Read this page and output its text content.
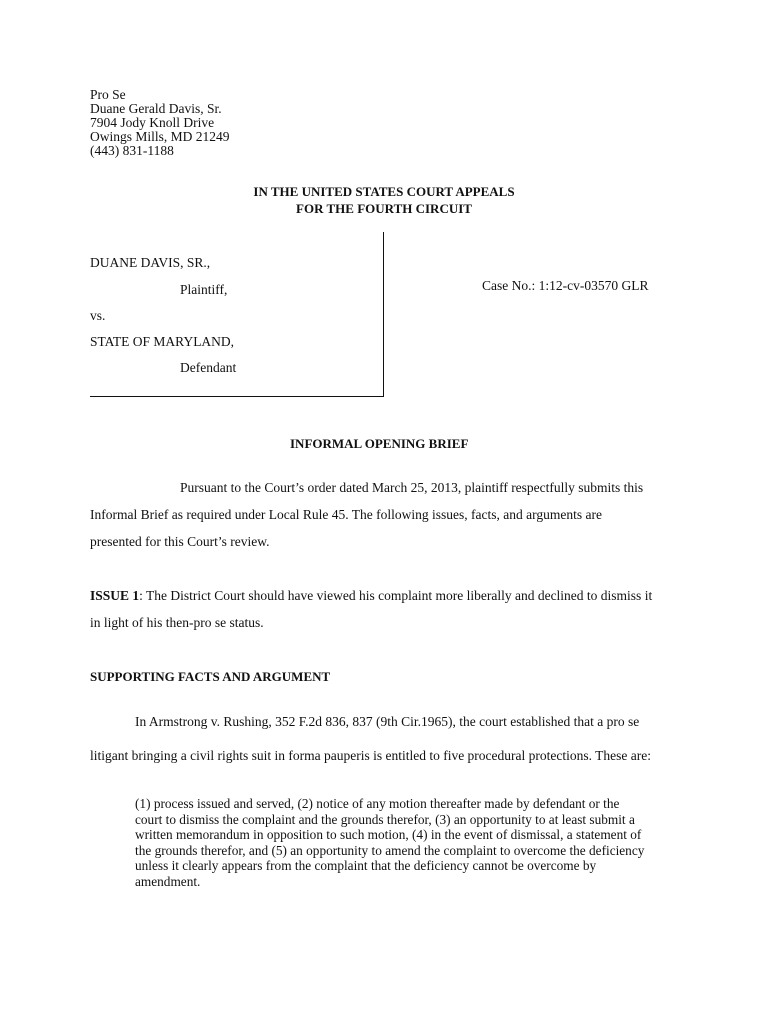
Pro Se
Duane Gerald Davis, Sr.
7904 Jody Knoll Drive
Owings Mills, MD 21249
(443) 831-1188
IN THE UNITED STATES COURT APPEALS
FOR THE FOURTH CIRCUIT
DUANE DAVIS, SR.,
Plaintiff,
vs.
STATE OF MARYLAND,
Defendant
Case No.: 1:12-cv-03570 GLR
INFORMAL OPENING BRIEF
Pursuant to the Court’s order dated March 25, 2013, plaintiff respectfully submits this
Informal Brief as required under Local Rule 45. The following issues, facts, and arguments are
presented for this Court’s review.
ISSUE 1: The District Court should have viewed his complaint more liberally and declined to dismiss it
in light of his then-pro se status.
SUPPORTING FACTS AND ARGUMENT
In Armstrong v. Rushing, 352 F.2d 836, 837 (9th Cir.1965), the court established that a pro se
litigant bringing a civil rights suit in forma pauperis is entitled to five procedural protections. These are:
(1) process issued and served, (2) notice of any motion thereafter made by defendant or the
court to dismiss the complaint and the grounds therefor, (3) an opportunity to at least submit a
written memorandum in opposition to such motion, (4) in the event of dismissal, a statement of
the grounds therefor, and (5) an opportunity to amend the complaint to overcome the deficiency
unless it clearly appears from the complaint that the deficiency cannot be overcome by
amendment.
